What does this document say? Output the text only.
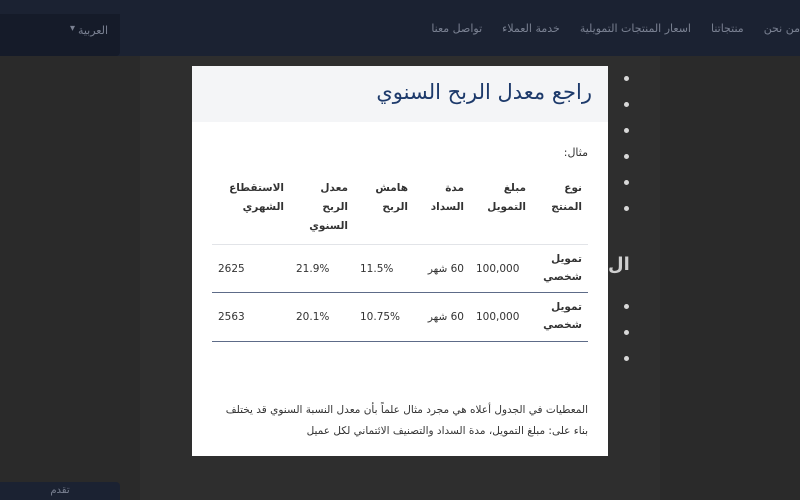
من نحن
منتجاتنا
اسعار المنتجات التمويلية
خدمة العملاء
تواصل معنا
العربية
▾
ال
تقدم
راجع معدل الربح السنوي
مثال:
نوع المنتج	مبلغ التمويل	مدة السداد	هامش الربح	معدل الربح السنوي	الاستقطاع الشهري
تمويل شخصي	100,000	60 شهر	11.5%	21.9%	2625
تمويل شخصي	100,000	60 شهر	10.75%	20.1%	2563
المعطيات في الجدول أعلاه هي مجرد مثال علماً بأن معدل النسبة السنوي قد يختلف
بناء على: مبلغ التمويل، مدة السداد والتصنيف الائتماني لكل عميل
